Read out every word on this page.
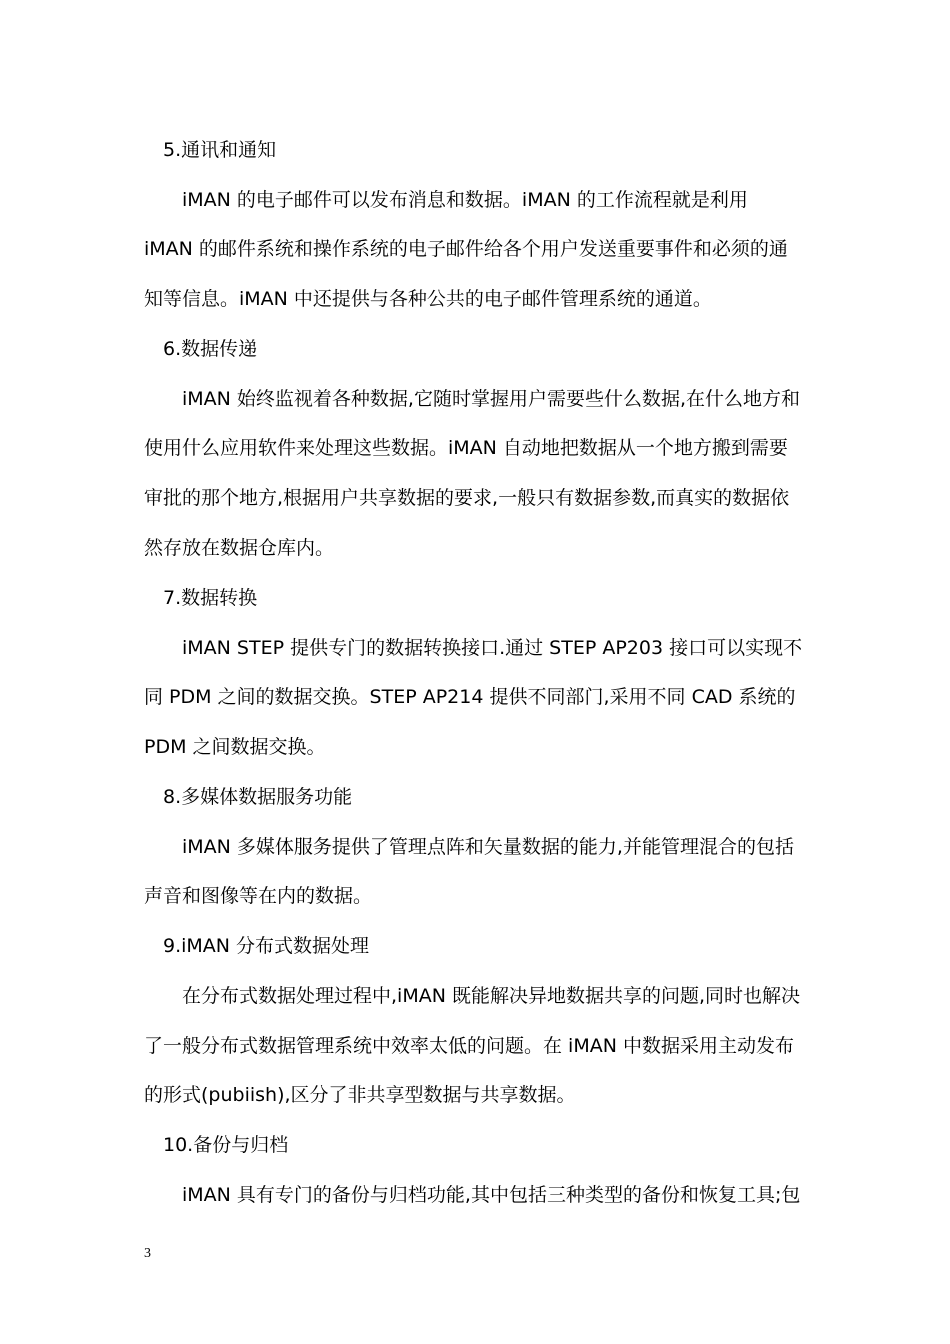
5.通讯和通知
iMAN 的电子邮件可以发布消息和数据。iMAN 的工作流程就是利用
iMAN 的邮件系统和操作系统的电子邮件给各个用户发送重要事件和必须的通
知等信息。iMAN 中还提供与各种公共的电子邮件管理系统的通道。
6.数据传递
iMAN 始终监视着各种数据,它随时掌握用户需要些什么数据,在什么地方和
使用什么应用软件来处理这些数据。iMAN 自动地把数据从一个地方搬到需要
审批的那个地方,根据用户共享数据的要求,一般只有数据参数,而真实的数据依
然存放在数据仓库内。
7.数据转换
iMAN STEP 提供专门的数据转换接口.通过 STEP AP203 接口可以实现不
同 PDM 之间的数据交换。STEP AP214 提供不同部门,采用不同 CAD 系统的
PDM 之间数据交换。
8.多媒体数据服务功能
iMAN 多媒体服务提供了管理点阵和矢量数据的能力,并能管理混合的包括
声音和图像等在内的数据。
9.iMAN 分布式数据处理
在分布式数据处理过程中,iMAN 既能解决异地数据共享的问题,同时也解决
了一般分布式数据管理系统中效率太低的问题。在 iMAN 中数据采用主动发布
的形式(pubiish),区分了非共享型数据与共享数据。
10.备份与归档
iMAN 具有专门的备份与归档功能,其中包括三种类型的备份和恢复工具;包
3
